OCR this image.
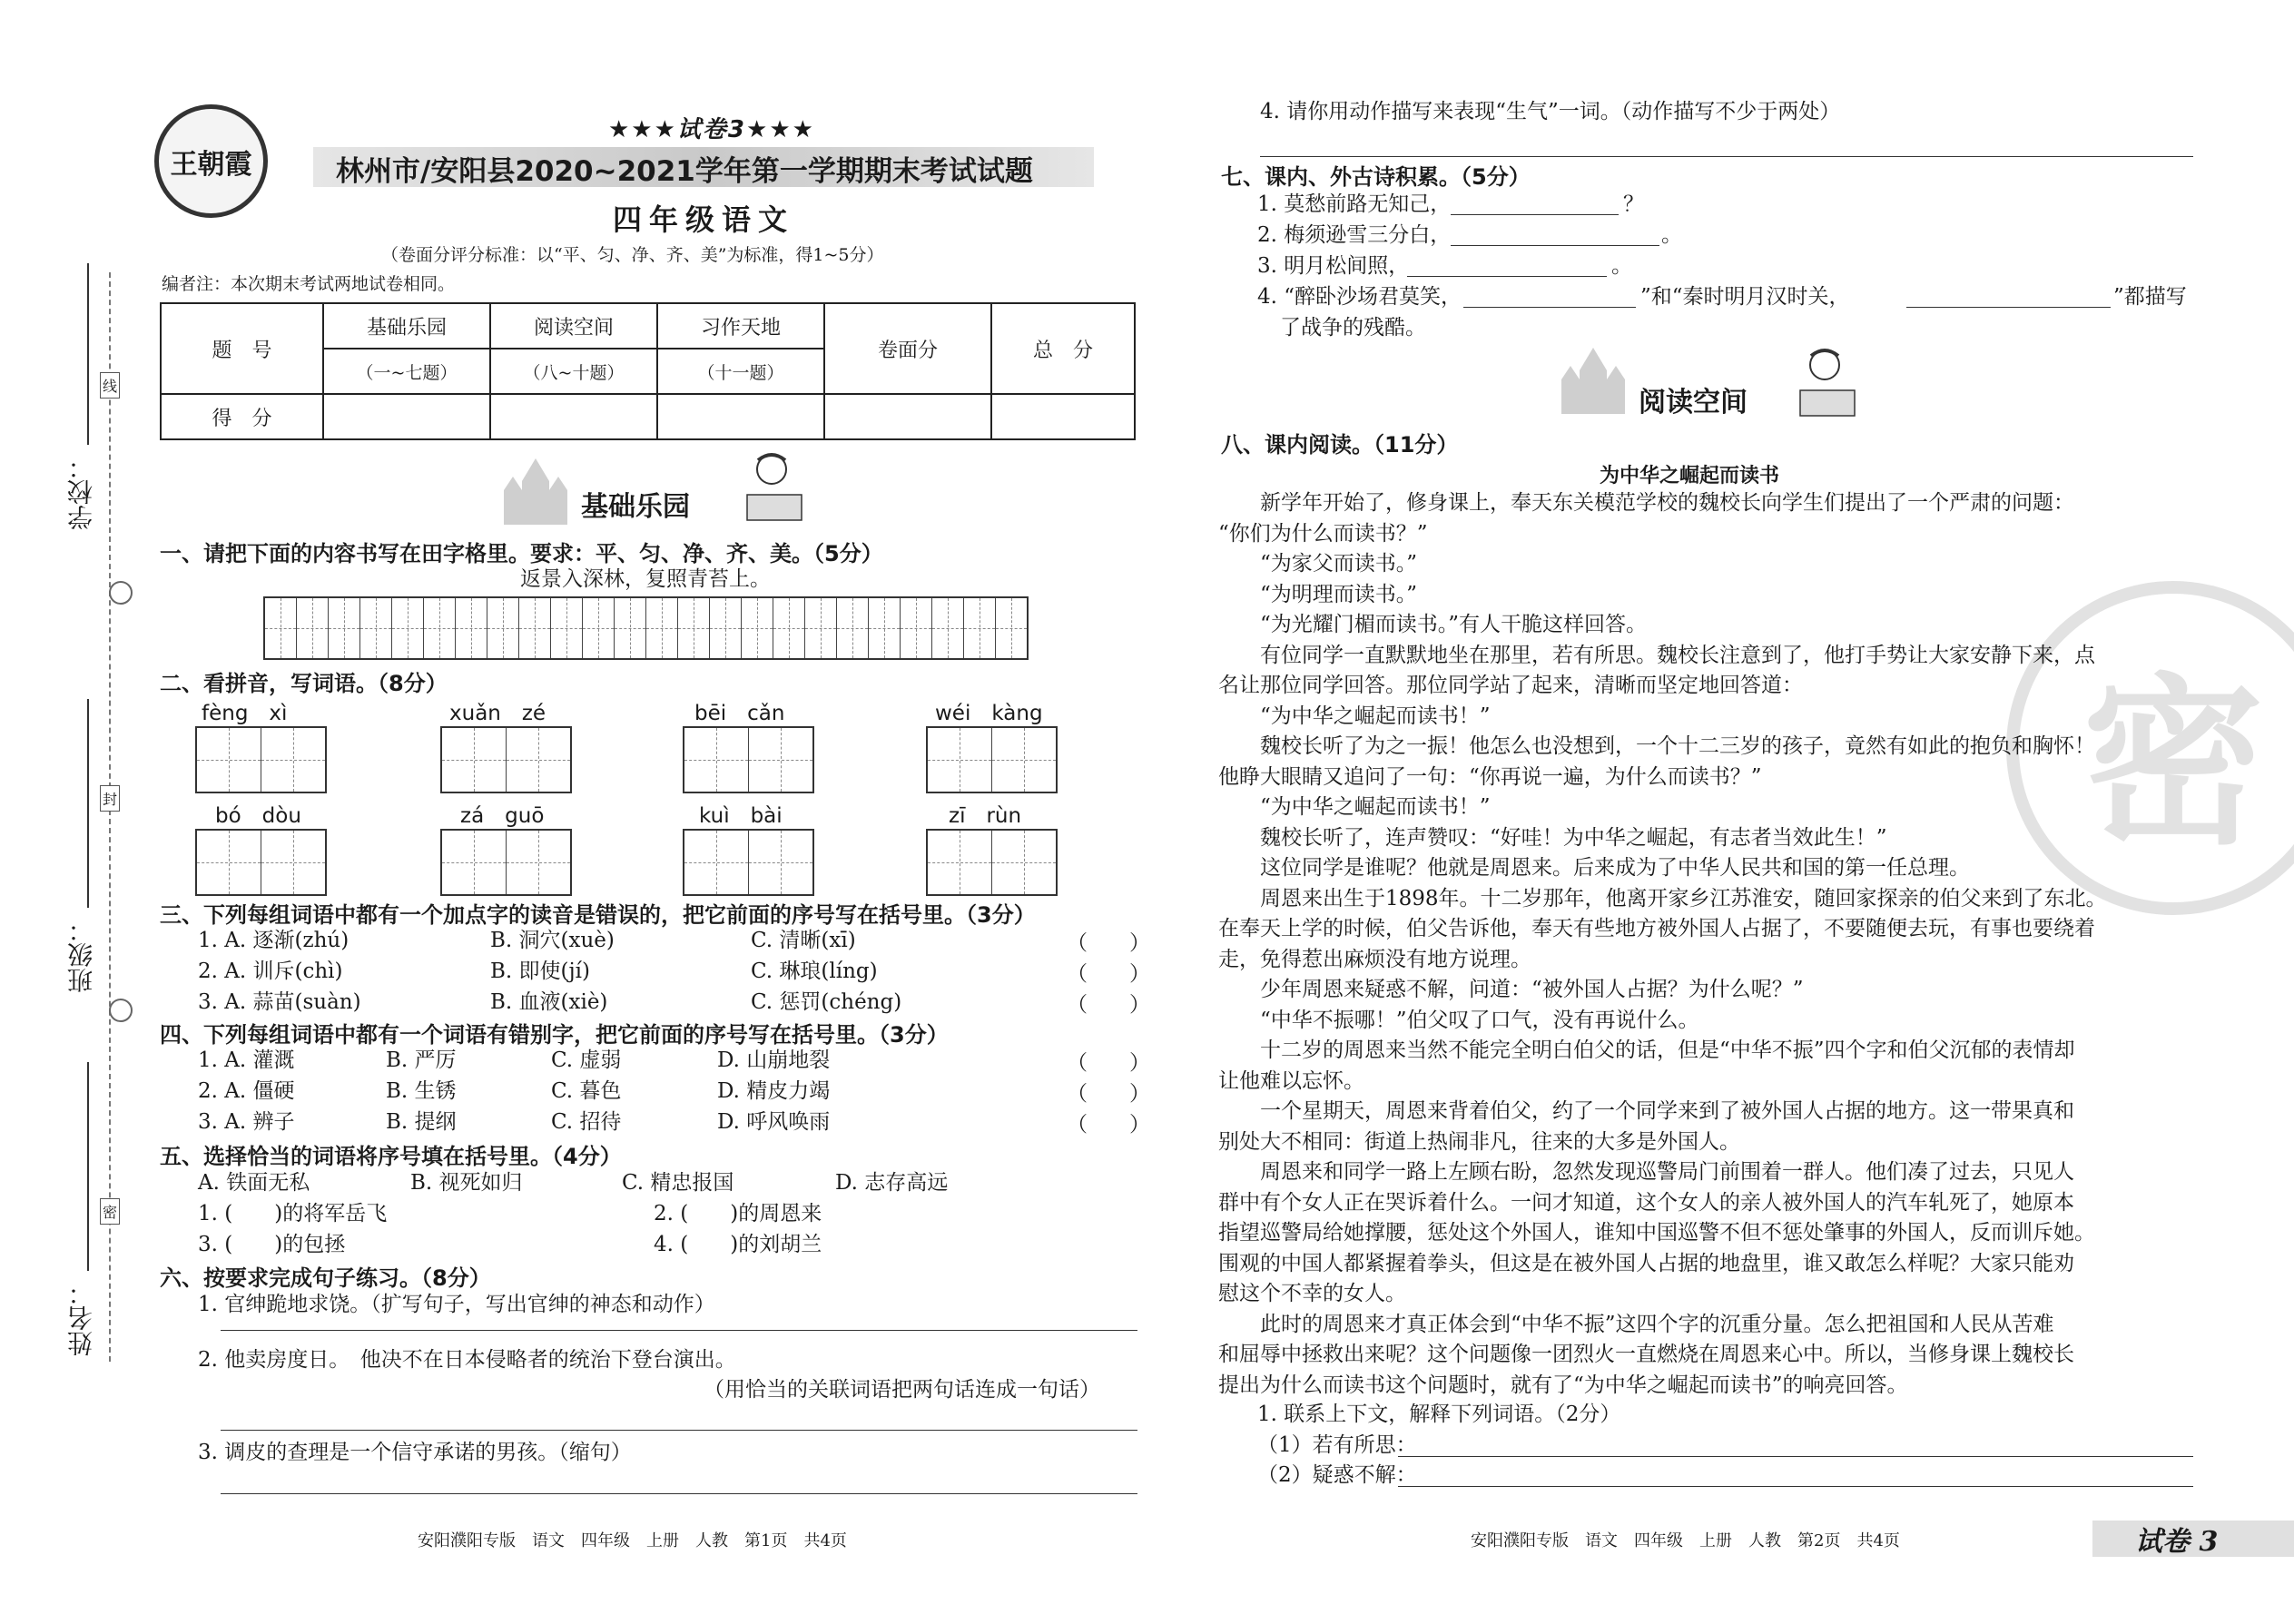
学校：
班级：
姓名：
线
封
密
王朝霞
★★★试卷3★★★
林州市/安阳县2020~2021学年第一学期期末考试试题
四年级语文
（卷面分评分标准：以“平、匀、净、齐、美”为标准，得1~5分）
编者注：本次期末考试两地试卷相同。
题　号	基础乐园	阅读空间	习作天地	卷面分	总　分
	（一~七题）	（八~十题）	（十一题）		
得　分					
基础乐园
一、请把下面的内容书写在田字格里。要求：平、匀、净、齐、美。（5分）
返景入深林，复照青苔上。
二、看拼音，写词语。（8分）
fèng　xì	xuǎn　zé	bēi　cǎn	wéi　kàng
bó　dòu	zá　guō	kuì　bài	zī　rùn
三、下列每组词语中都有一个加点字的读音是错误的，把它前面的序号写在括号里。（3分）
1. A. 逐渐(zhú)	B. 洞穴(xuè)	C. 清晰(xī)	（　　）
2. A. 训斥(chì)	B. 即使(jí)	C. 琳琅(líng)	（　　）
3. A. 蒜苗(suàn)	B. 血液(xiè)	C. 惩罚(chéng)	（　　）
四、下列每组词语中都有一个词语有错别字，把它前面的序号写在括号里。（3分）
1. A. 灌溉	B. 严厉	C. 虚弱	D. 山崩地裂	（　　）
2. A. 僵硬	B. 生锈	C. 暮色	D. 精皮力竭	（　　）
3. A. 辨子	B. 提纲	C. 招待	D. 呼风唤雨	（　　）
五、选择恰当的词语将序号填在括号里。（4分）
A. 铁面无私	B. 视死如归	C. 精忠报国	D. 志存高远
1. (　　)的将军岳飞	2. (　　)的周恩来
3. (　　)的包拯	4. (　　)的刘胡兰
六、按要求完成句子练习。（8分）
1. 官绅跪地求饶。（扩写句子，写出官绅的神态和动作）
2. 他卖房度日。　他决不在日本侵略者的统治下登台演出。
（用恰当的关联词语把两句话连成一句话）
3. 调皮的查理是一个信守承诺的男孩。（缩句）
安阳濮阳专版　语文　四年级　上册　人教　第1页　共4页
4. 请你用动作描写来表现“生气”一词。（动作描写不少于两处）
七、课内、外古诗积累。（5分）
1. 莫愁前路无知己，	？
2. 梅须逊雪三分白，	。
3. 明月松间照，	。
4. “醉卧沙场君莫笑，	”和“秦时明月汉时关，	”都描写
了战争的残酷。
阅读空间
八、课内阅读。（11分）
为中华之崛起而读书
密
　　新学年开始了，修身课上，奉天东关模范学校的魏校长向学生们提出了一个严肃的问题：
“你们为什么而读书？”
　　“为家父而读书。”
　　“为明理而读书。”
　　“为光耀门楣而读书。”有人干脆这样回答。
　　有位同学一直默默地坐在那里，若有所思。魏校长注意到了，他打手势让大家安静下来，点
名让那位同学回答。那位同学站了起来，清晰而坚定地回答道：
　　“为中华之崛起而读书！”
　　魏校长听了为之一振！他怎么也没想到，一个十二三岁的孩子，竟然有如此的抱负和胸怀！
他睁大眼睛又追问了一句：“你再说一遍，为什么而读书？”
　　“为中华之崛起而读书！”
　　魏校长听了，连声赞叹：“好哇！为中华之崛起，有志者当效此生！”
　　这位同学是谁呢？他就是周恩来。后来成为了中华人民共和国的第一任总理。
　　周恩来出生于1898年。十二岁那年，他离开家乡江苏淮安，随回家探亲的伯父来到了东北。
在奉天上学的时候，伯父告诉他，奉天有些地方被外国人占据了，不要随便去玩，有事也要绕着
走，免得惹出麻烦没有地方说理。
　　少年周恩来疑惑不解，问道：“被外国人占据？为什么呢？”
　　“中华不振哪！”伯父叹了口气，没有再说什么。
　　十二岁的周恩来当然不能完全明白伯父的话，但是“中华不振”四个字和伯父沉郁的表情却
让他难以忘怀。
　　一个星期天，周恩来背着伯父，约了一个同学来到了被外国人占据的地方。这一带果真和
别处大不相同：街道上热闹非凡，往来的大多是外国人。
　　周恩来和同学一路上左顾右盼，忽然发现巡警局门前围着一群人。他们凑了过去，只见人
群中有个女人正在哭诉着什么。一问才知道，这个女人的亲人被外国人的汽车轧死了，她原本
指望巡警局给她撑腰，惩处这个外国人，谁知中国巡警不但不惩处肇事的外国人，反而训斥她。
围观的中国人都紧握着拳头，但这是在被外国人占据的地盘里，谁又敢怎么样呢？大家只能劝
慰这个不幸的女人。
　　此时的周恩来才真正体会到“中华不振”这四个字的沉重分量。怎么把祖国和人民从苦难
和屈辱中拯救出来呢？这个问题像一团烈火一直燃烧在周恩来心中。所以，当修身课上魏校长
提出为什么而读书这个问题时，就有了“为中华之崛起而读书”的响亮回答。
1. 联系上下文，解释下列词语。（2分）
（1）若有所思：
（2）疑惑不解：
安阳濮阳专版　语文　四年级　上册　人教　第2页　共4页	试卷 3
